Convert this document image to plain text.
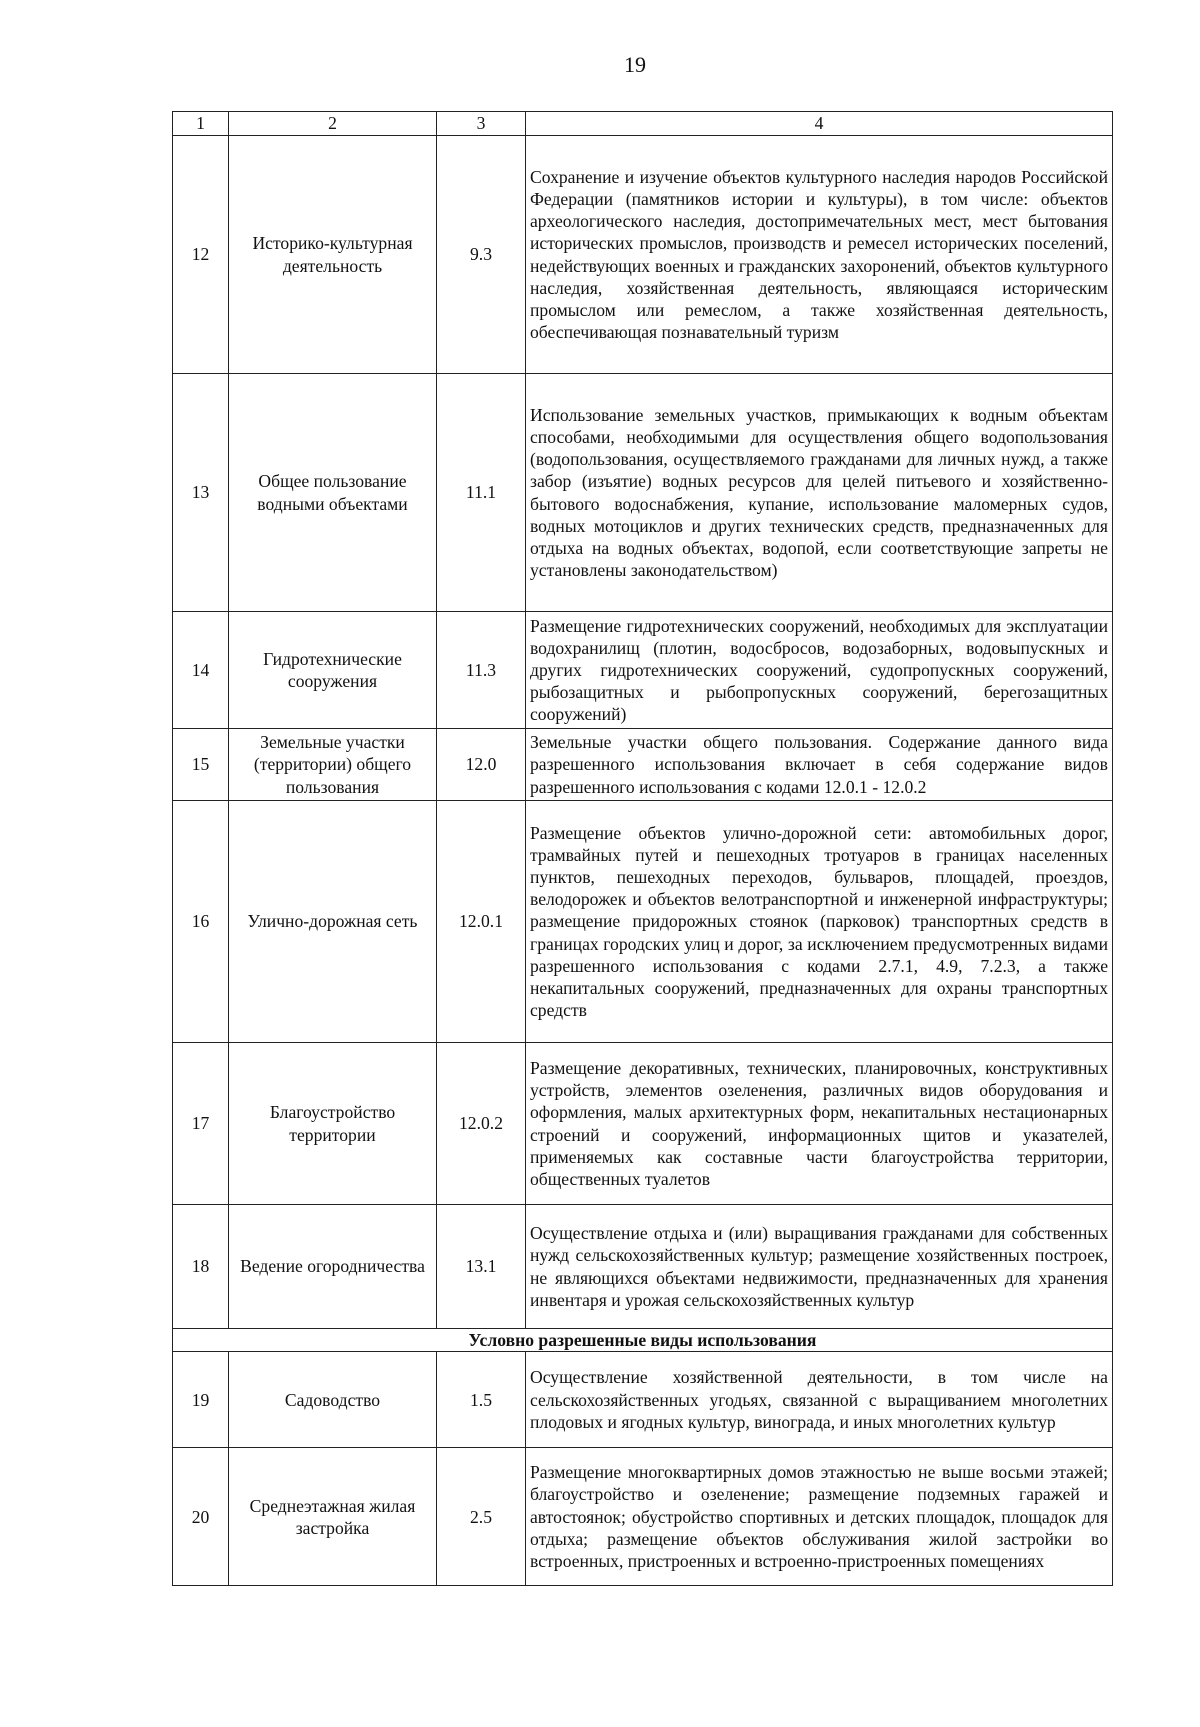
19
1	2	3	4
12	Историко-культурная деятельность	9.3	Сохранение и изучение объектов культурного наследия народов Российской Федерации (памятников истории и культуры), в том числе: объектов археологического наследия, достопримечательных мест, мест бытования исторических промыслов, производств и ремесел исторических поселений, недействующих военных и гражданских захоронений, объектов культурного наследия, хозяйственная деятельность, являющаяся историческим промыслом или ремеслом, а также хозяйственная деятельность, обеспечивающая познавательный туризм
13	Общее пользование водными объектами	11.1	Использование земельных участков, примыкающих к водным объектам способами, необходимыми для осуществления общего водопользования (водопользования, осуществляемого гражданами для личных нужд, а также забор (изъятие) водных ресурсов для целей питьевого и хозяйственно-бытового водоснабжения, купание, использование маломерных судов, водных мотоциклов и других технических средств, предназначенных для отдыха на водных объектах, водопой, если соответствующие запреты не установлены законодательством)
14	Гидротехнические сооружения	11.3	Размещение гидротехнических сооружений, необходимых для эксплуатации водохранилищ (плотин, водосбросов, водозаборных, водовыпускных и других гидротехнических сооружений, судопропускных сооружений, рыбозащитных и рыбопропускных сооружений, берегозащитных сооружений)
15	Земельные участки (территории) общего пользования	12.0	Земельные участки общего пользования. Содержание данного вида разрешенного использования включает в себя содержание видов разрешенного использования с кодами 12.0.1 - 12.0.2
16	Улично-дорожная сеть	12.0.1	Размещение объектов улично-дорожной сети: автомобильных дорог, трамвайных путей и пешеходных тротуаров в границах населенных пунктов, пешеходных переходов, бульваров, площадей, проездов, велодорожек и объектов велотранспортной и инженерной инфраструктуры; размещение придорожных стоянок (парковок) транспортных средств в границах городских улиц и дорог, за исключением предусмотренных видами разрешенного использования с кодами 2.7.1, 4.9, 7.2.3, а также некапитальных сооружений, предназначенных для охраны транспортных средств
17	Благоустройство территории	12.0.2	Размещение декоративных, технических, планировочных, конструктивных устройств, элементов озеленения, различных видов оборудования и оформления, малых архитектурных форм, некапитальных нестационарных строений и сооружений, информационных щитов и указателей, применяемых как составные части благоустройства территории, общественных туалетов
18	Ведение огородничества	13.1	Осуществление отдыха и (или) выращивания гражданами для собственных нужд сельскохозяйственных культур; размещение хозяйственных построек, не являющихся объектами недвижимости, предназначенных для хранения инвентаря и урожая сельскохозяйственных культур
Условно разрешенные виды использования			
19	Садоводство	1.5	Осуществление хозяйственной деятельности, в том числе на сельскохозяйственных угодьях, связанной с выращиванием многолетних плодовых и ягодных культур, винограда, и иных многолетних культур
20	Среднеэтажная жилая застройка	2.5	Размещение многоквартирных домов этажностью не выше восьми этажей; благоустройство и озеленение; размещение подземных гаражей и автостоянок; обустройство спортивных и детских площадок, площадок для отдыха; размещение объектов обслуживания жилой застройки во встроенных, пристроенных и встроенно-пристроенных помещениях
